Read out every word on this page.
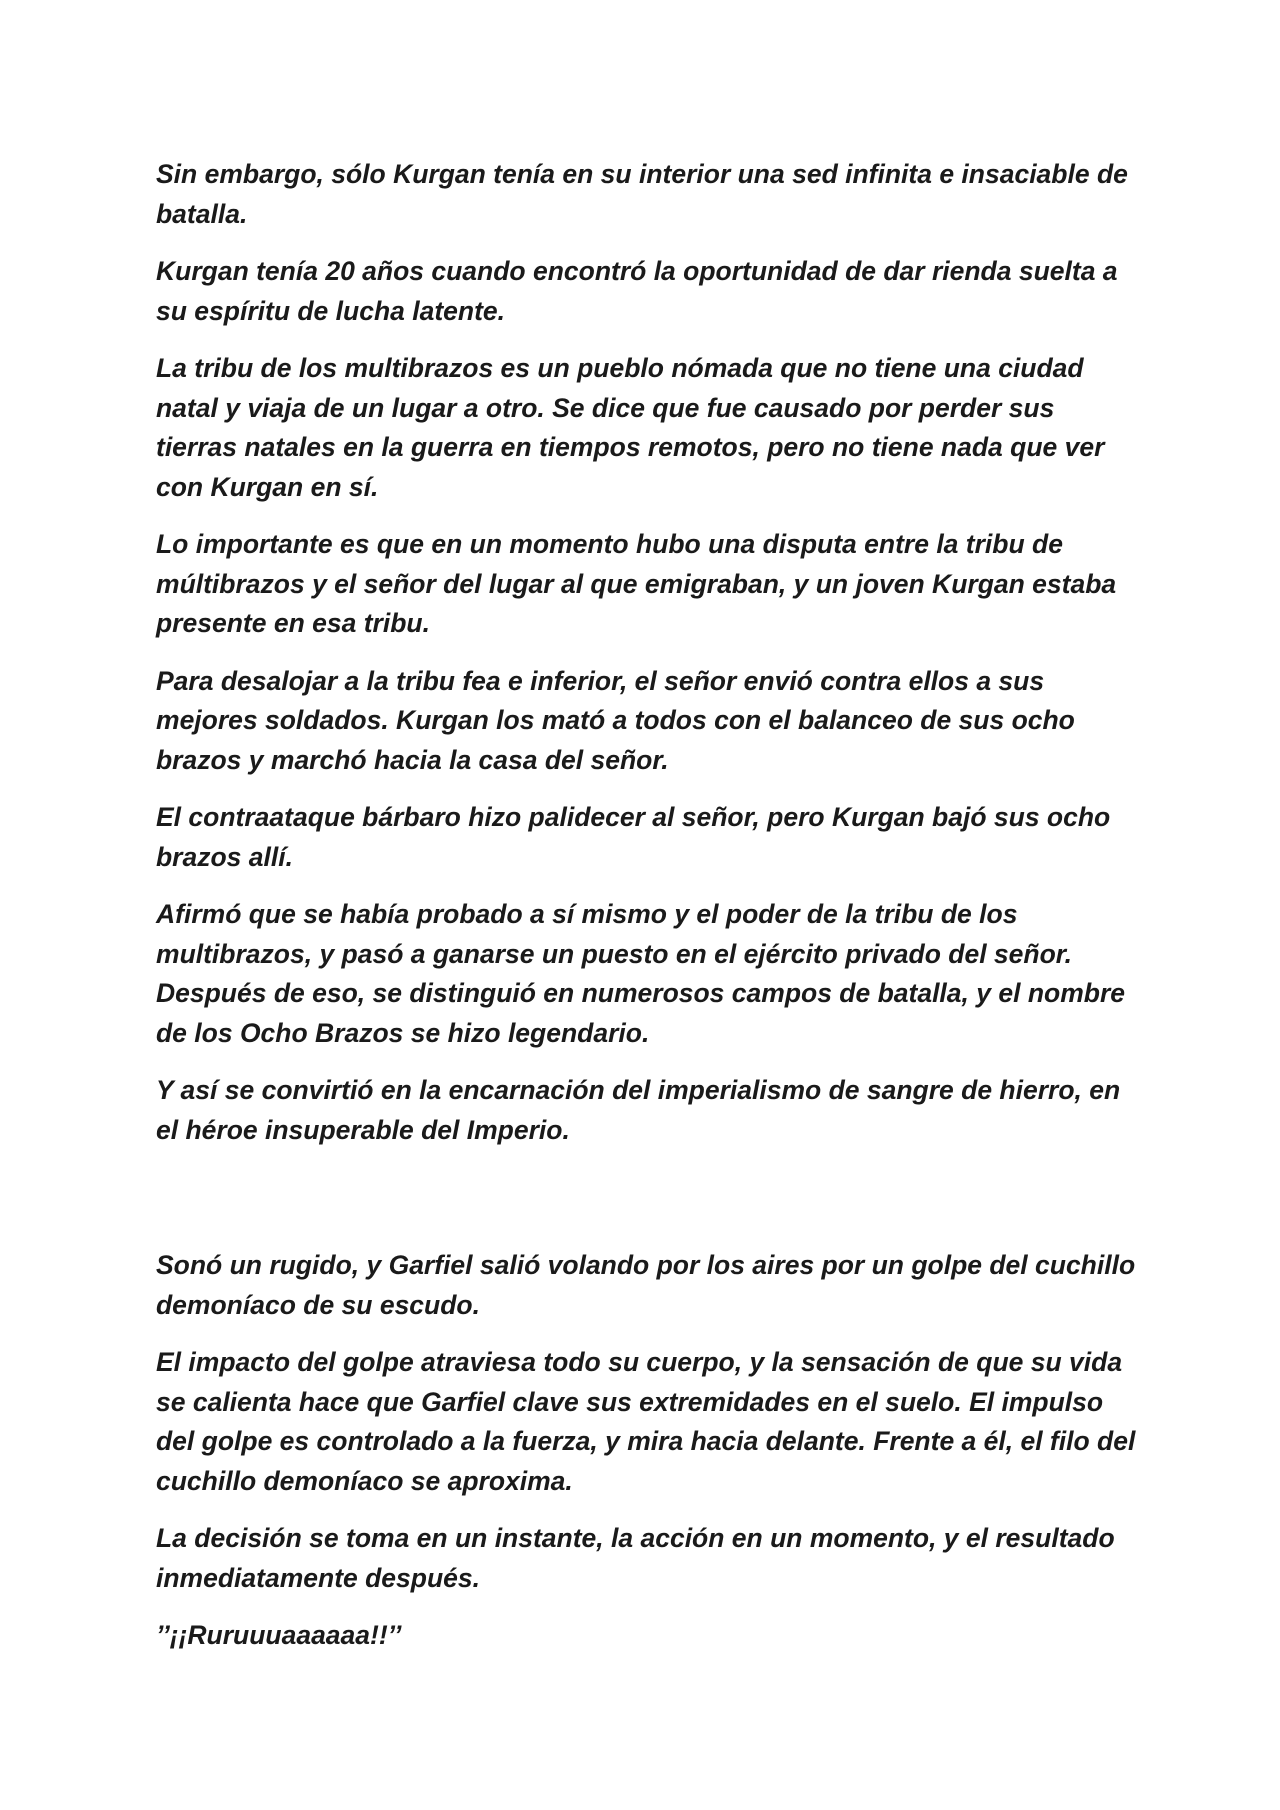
Sin embargo, sólo Kurgan tenía en su interior una sed infinita e insaciable de batalla.

Kurgan tenía 20 años cuando encontró la oportunidad de dar rienda suelta a su espíritu de lucha latente.

La tribu de los multibrazos es un pueblo nómada que no tiene una ciudad natal y viaja de un lugar a otro. Se dice que fue causado por perder sus tierras natales en la guerra en tiempos remotos, pero no tiene nada que ver con Kurgan en sí.

Lo importante es que en un momento hubo una disputa entre la tribu de múltibrazos y el señor del lugar al que emigraban, y un joven Kurgan estaba presente en esa tribu.

Para desalojar a la tribu fea e inferior, el señor envió contra ellos a sus mejores soldados. Kurgan los mató a todos con el balanceo de sus ocho brazos y marchó hacia la casa del señor.

El contraataque bárbaro hizo palidecer al señor, pero Kurgan bajó sus ocho brazos allí.

Afirmó que se había probado a sí mismo y el poder de la tribu de los multibrazos, y pasó a ganarse un puesto en el ejército privado del señor. Después de eso, se distinguió en numerosos campos de batalla, y el nombre de los Ocho Brazos se hizo legendario.

Y así se convirtió en la encarnación del imperialismo de sangre de hierro, en el héroe insuperable del Imperio.

Sonó un rugido, y Garfiel salió volando por los aires por un golpe del cuchillo demoníaco de su escudo.

El impacto del golpe atraviesa todo su cuerpo, y la sensación de que su vida se calienta hace que Garfiel clave sus extremidades en el suelo. El impulso del golpe es controlado a la fuerza, y mira hacia delante. Frente a él, el filo del cuchillo demoníaco se aproxima.

La decisión se toma en un instante, la acción en un momento, y el resultado inmediatamente después.

’’¡¡Ruruuuaaaaaa!!’’
